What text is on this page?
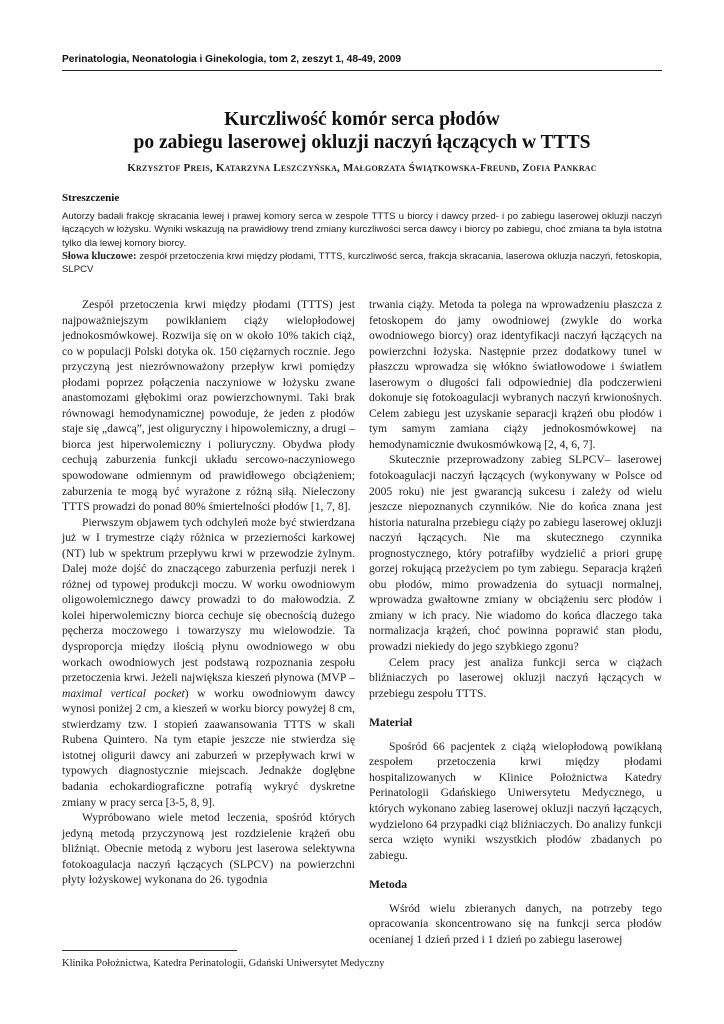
Perinatologia, Neonatologia i Ginekologia, tom 2, zeszyt 1, 48-49, 2009
Kurczliwość komór serca płodów
po zabiegu laserowej okluzji naczyń łączących w TTTS
Krzysztof Preis, Katarzyna Leszczyńska, Małgorzata Świątkowska-Freund, Zofia Pankrac
Streszczenie

Autorzy badali frakcję skracania lewej i prawej komory serca w zespole TTTS u biorcy i dawcy przed- i po zabiegu laserowej okluzji naczyń łączących w łożysku. Wyniki wskazują na prawidłowy trend zmiany kurczliwości serca dawcy i biorcy po zabiegu, choć zmiana ta była istotna tylko dla lewej komory biorcy.

Słowa kluczowe: zespół przetoczenia krwi między płodami, TTTS, kurczliwość serca, frakcja skracania, laserowa okluzja naczyń, fetoskopia, SLPCV

Zespół przetoczenia krwi między płodami (TTTS) jest najpoważniejszym powikłaniem ciąży wielopłodowej jednokosmówkowej. Rozwija się on w około 10% takich ciąż, co w populacji Polski dotyka ok. 150 ciężarnych rocznie. Jego przyczyną jest niezrównoważony przepływ krwi pomiędzy płodami poprzez połączenia naczyniowe w łożysku zwane anastomozami głębokimi oraz powierzchownymi. Taki brak równowagi hemodynamicznej powoduje, że jeden z płodów staje się „dawcą”, jest oliguryczny i hipowolemiczny, a drugi – biorca jest hiperwolemiczny i poliuryczny. Obydwa płody cechują zaburzenia funkcji układu sercowo-naczyniowego spowodowane odmiennym od prawidłowego obciążeniem; zaburzenia te mogą być wyrażone z różną siłą. Nieleczony TTTS prowadzi do ponad 80% śmiertelności płodów [1, 7, 8].

Pierwszym objawem tych odchyleń może być stwierdzana już w I trymestrze ciąży różnica w przezierności karkowej (NT) lub w spektrum przepływu krwi w przewodzie żylnym. Dalej może dojść do znaczącego zaburzenia perfuzji nerek i różnej od typowej produkcji moczu. W worku owodniowym oligowolemicznego dawcy prowadzi to do małowodzia. Z kolei hiperwolemiczny biorca cechuje się obecnością dużego pęcherza moczowego i towarzyszy mu wielowodzie. Ta dysproporcja między ilością płynu owodniowego w obu workach owodniowych jest podstawą rozpoznania zespołu przetoczenia krwi. Jeżeli największa kieszeń płynowa (MVP – maximal vertical pocket) w worku owodniowym dawcy wynosi poniżej 2 cm, a kieszeń w worku biorcy powyżej 8 cm, stwierdzamy tzw. I stopień zaawansowania TTTS w skali Rubena Quintero. Na tym etapie jeszcze nie stwierdza się istotnej oligurii dawcy ani zaburzeń w przepływach krwi w typowych diagnostycznie miejscach. Jednakże dogłębne badania echokardiograficzne potrafią wykryć dyskretne zmiany w pracy serca [3-5, 8, 9].

Wypróbowano wiele metod leczenia, spośród których jedyną metodą przyczynową jest rozdzielenie krążeń obu bliźniąt. Obecnie metodą z wyboru jest laserowa selektywna fotokoagulacja naczyń łączących (SLPCV) na powierzchni płyty łożyskowej wykonana do 26. tygodnia

trwania ciąży. Metoda ta polega na wprowadzeniu płaszcza z fetoskopem do jamy owodniowej (zwykle do worka owodniowego biorcy) oraz identyfikacji naczyń łączących na powierzchni łożyska. Następnie przez dodatkowy tunel w płaszczu wprowadza się włókno światłowodowe i światłem laserowym o długości fali odpowiedniej dla podczerwieni dokonuje się fotokoagulacji wybranych naczyń krwionośnych. Celem zabiegu jest uzyskanie separacji krążeń obu płodów i tym samym zamiana ciąży jednokosmówkowej na hemodynamicznie dwukosmówkową [2, 4, 6, 7].

Skutecznie przeprowadzony zabieg SLPCV– laserowej fotokoagulacji naczyń łączących (wykonywany w Polsce od 2005 roku) nie jest gwarancją sukcesu i zależy od wielu jeszcze niepoznanych czynników. Nie do końca znana jest historia naturalna przebiegu ciąży po zabiegu laserowej okluzji naczyń łączących. Nie ma skutecznego czynnika prognostycznego, który potrafiłby wydzielić a priori grupę gorzej rokującą przeżyciem po tym zabiegu. Separacja krążeń obu płodów, mimo prowadzenia do sytuacji normalnej, wprowadza gwałtowne zmiany w obciążeniu serc płodów i zmiany w ich pracy. Nie wiadomo do końca dlaczego taka normalizacja krążeń, choć powinna poprawić stan płodu, prowadzi niekiedy do jego szybkiego zgonu?

Celem pracy jest analiza funkcji serca w ciążach bliźniaczych po laserowej okluzji naczyń łączących w przebiegu zespołu TTTS.

Materiał

Spośród 66 pacjentek z ciążą wielopłodową powikłaną zespołem przetoczenia krwi między płodami hospitalizowanych w Klinice Położnictwa Katedry Perinatologii Gdańskiego Uniwersytetu Medycznego, u których wykonano zabieg laserowej okluzji naczyń łączących, wydzielono 64 przypadki ciąż bliźniaczych. Do analizy funkcji serca wzięto wyniki wszystkich płodów zbadanych po zabiegu.

Metoda

Wśród wielu zbieranych danych, na potrzeby tego opracowania skoncentrowano się na funkcji serca płodów ocenianej 1 dzień przed i 1 dzień po zabiegu laserowej

Klinika Położnictwa, Katedra Perinatologii, Gdański Uniwersytet Medyczny
